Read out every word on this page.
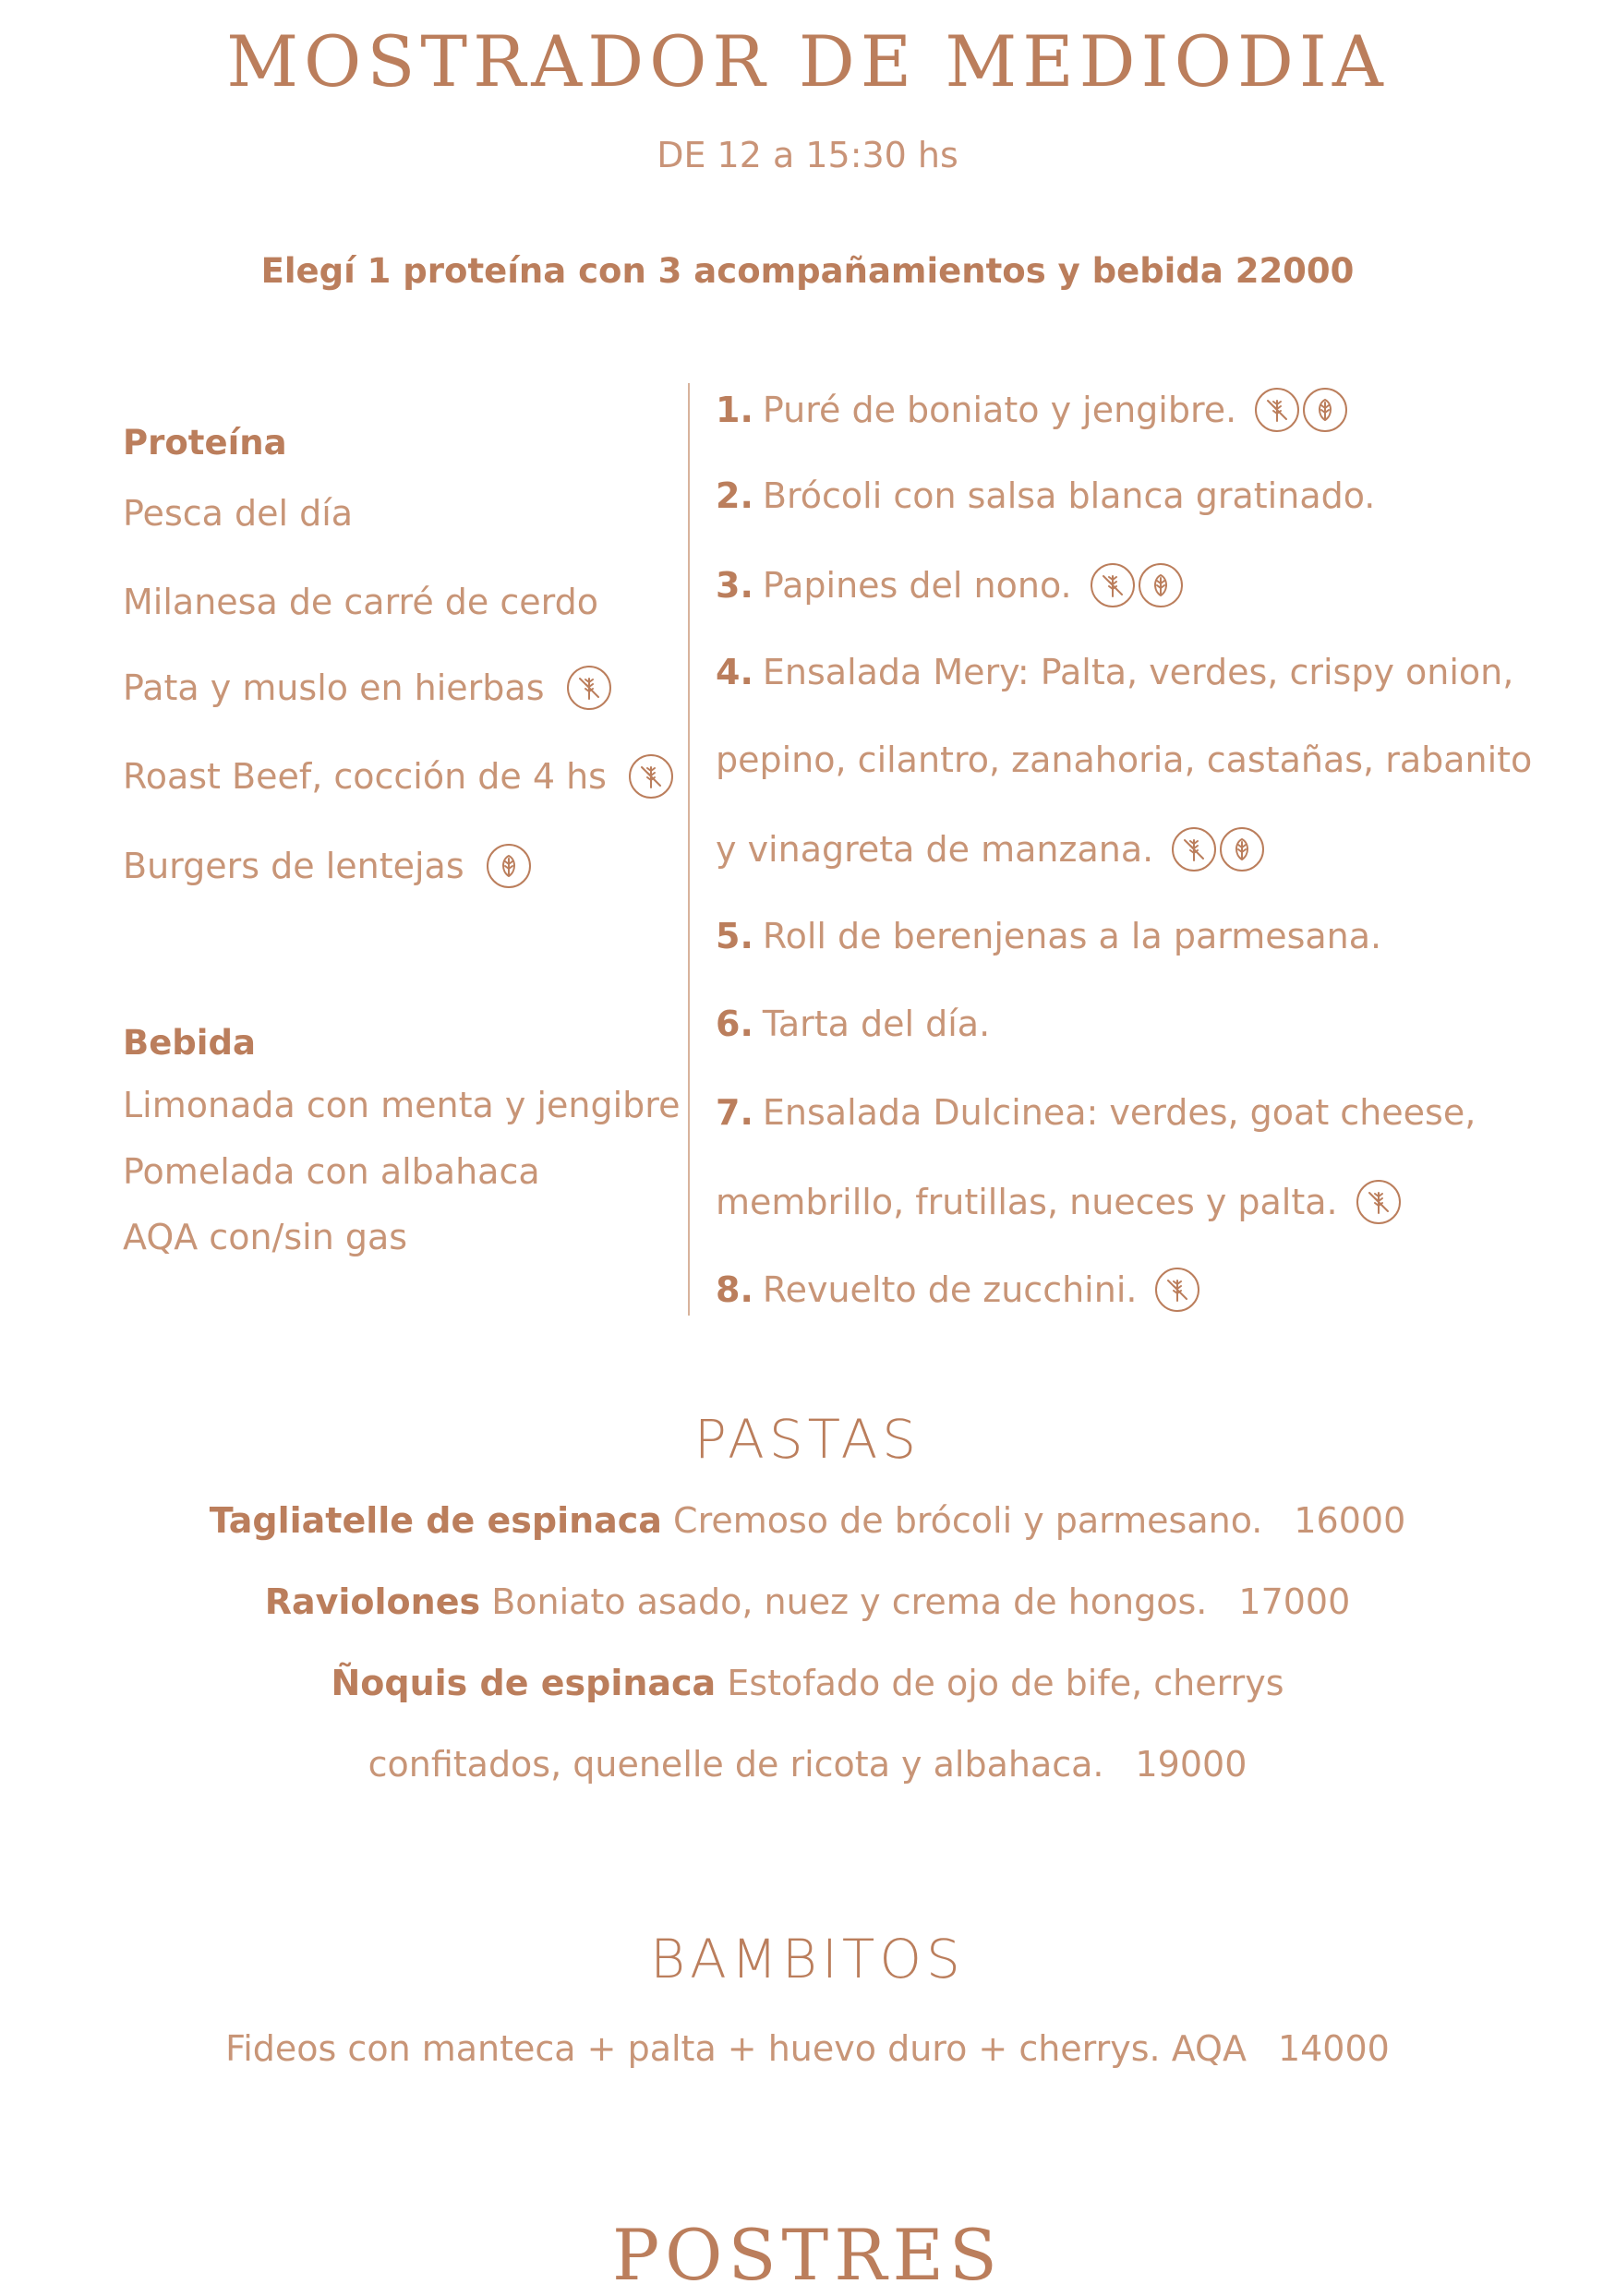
MOSTRADOR DE MEDIODIA
DE 12 a 15:30 hs
Elegí 1 proteína con 3 acompañamientos y bebida 22000
Proteína
Pesca del día
Milanesa de carré de cerdo
Pata y muslo en hierbas
Roast Beef, cocción de 4 hs
Burgers de lentejas
Bebida
Limonada con menta y jengibre
Pomelada con albahaca
AQA con/sin gas
1. Puré de boniato y jengibre.
2. Brócoli con salsa blanca gratinado.
3. Papines del nono.
4. Ensalada Mery: Palta, verdes, crispy onion,
pepino, cilantro, zanahoria, castañas, rabanito
y vinagreta de manzana.
5. Roll de berenjenas a la parmesana.
6. Tarta del día.
7. Ensalada Dulcinea: verdes, goat cheese,
membrillo, frutillas, nueces y palta.
8. Revuelto de zucchini.
PASTAS
Tagliatelle de espinaca Cremoso de brócoli y parmesano. 16000
Raviolones Boniato asado, nuez y crema de hongos. 17000
Ñoquis de espinaca Estofado de ojo de bife, cherrys
confitados, quenelle de ricota y albahaca. 19000
BAMBITOS
Fideos con manteca + palta + huevo duro + cherrys. AQA 14000
POSTRES
